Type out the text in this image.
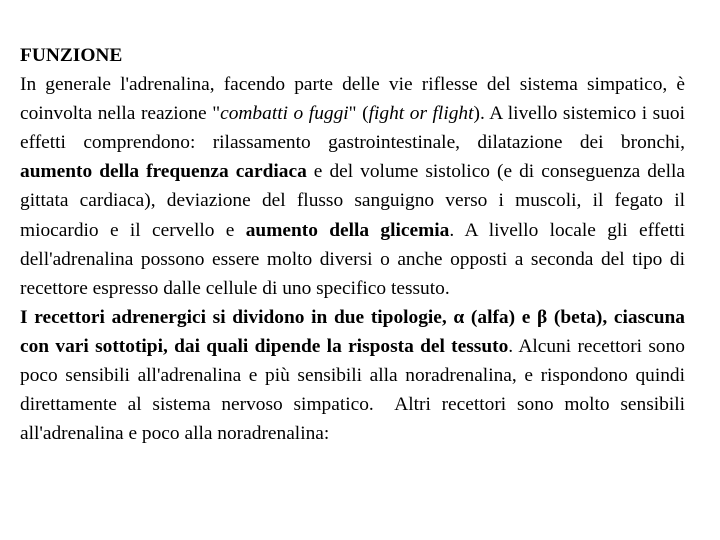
FUNZIONE

In generale l'adrenalina, facendo parte delle vie riflesse del sistema simpatico, è coinvolta nella reazione "combatti o fuggi" (fight or flight). A livello sistemico i suoi effetti comprendono: rilassamento gastrointestinale, dilatazione dei bronchi, aumento della frequenza cardiaca e del volume sistolico (e di conseguenza della gittata cardiaca), deviazione del flusso sanguigno verso i muscoli, il fegato il miocardio e il cervello e aumento della glicemia. A livello locale gli effetti dell'adrenalina possono essere molto diversi o anche opposti a seconda del tipo di recettore espresso dalle cellule di uno specifico tessuto.

I recettori adrenergici si dividono in due tipologie, α (alfa) e β (beta), ciascuna con vari sottotipi, dai quali dipende la risposta del tessuto. Alcuni recettori sono poco sensibili all'adrenalina e più sensibili alla noradrenalina, e rispondono quindi direttamente al sistema nervoso simpatico. Altri recettori sono molto sensibili all'adrenalina e poco alla noradrenalina:
